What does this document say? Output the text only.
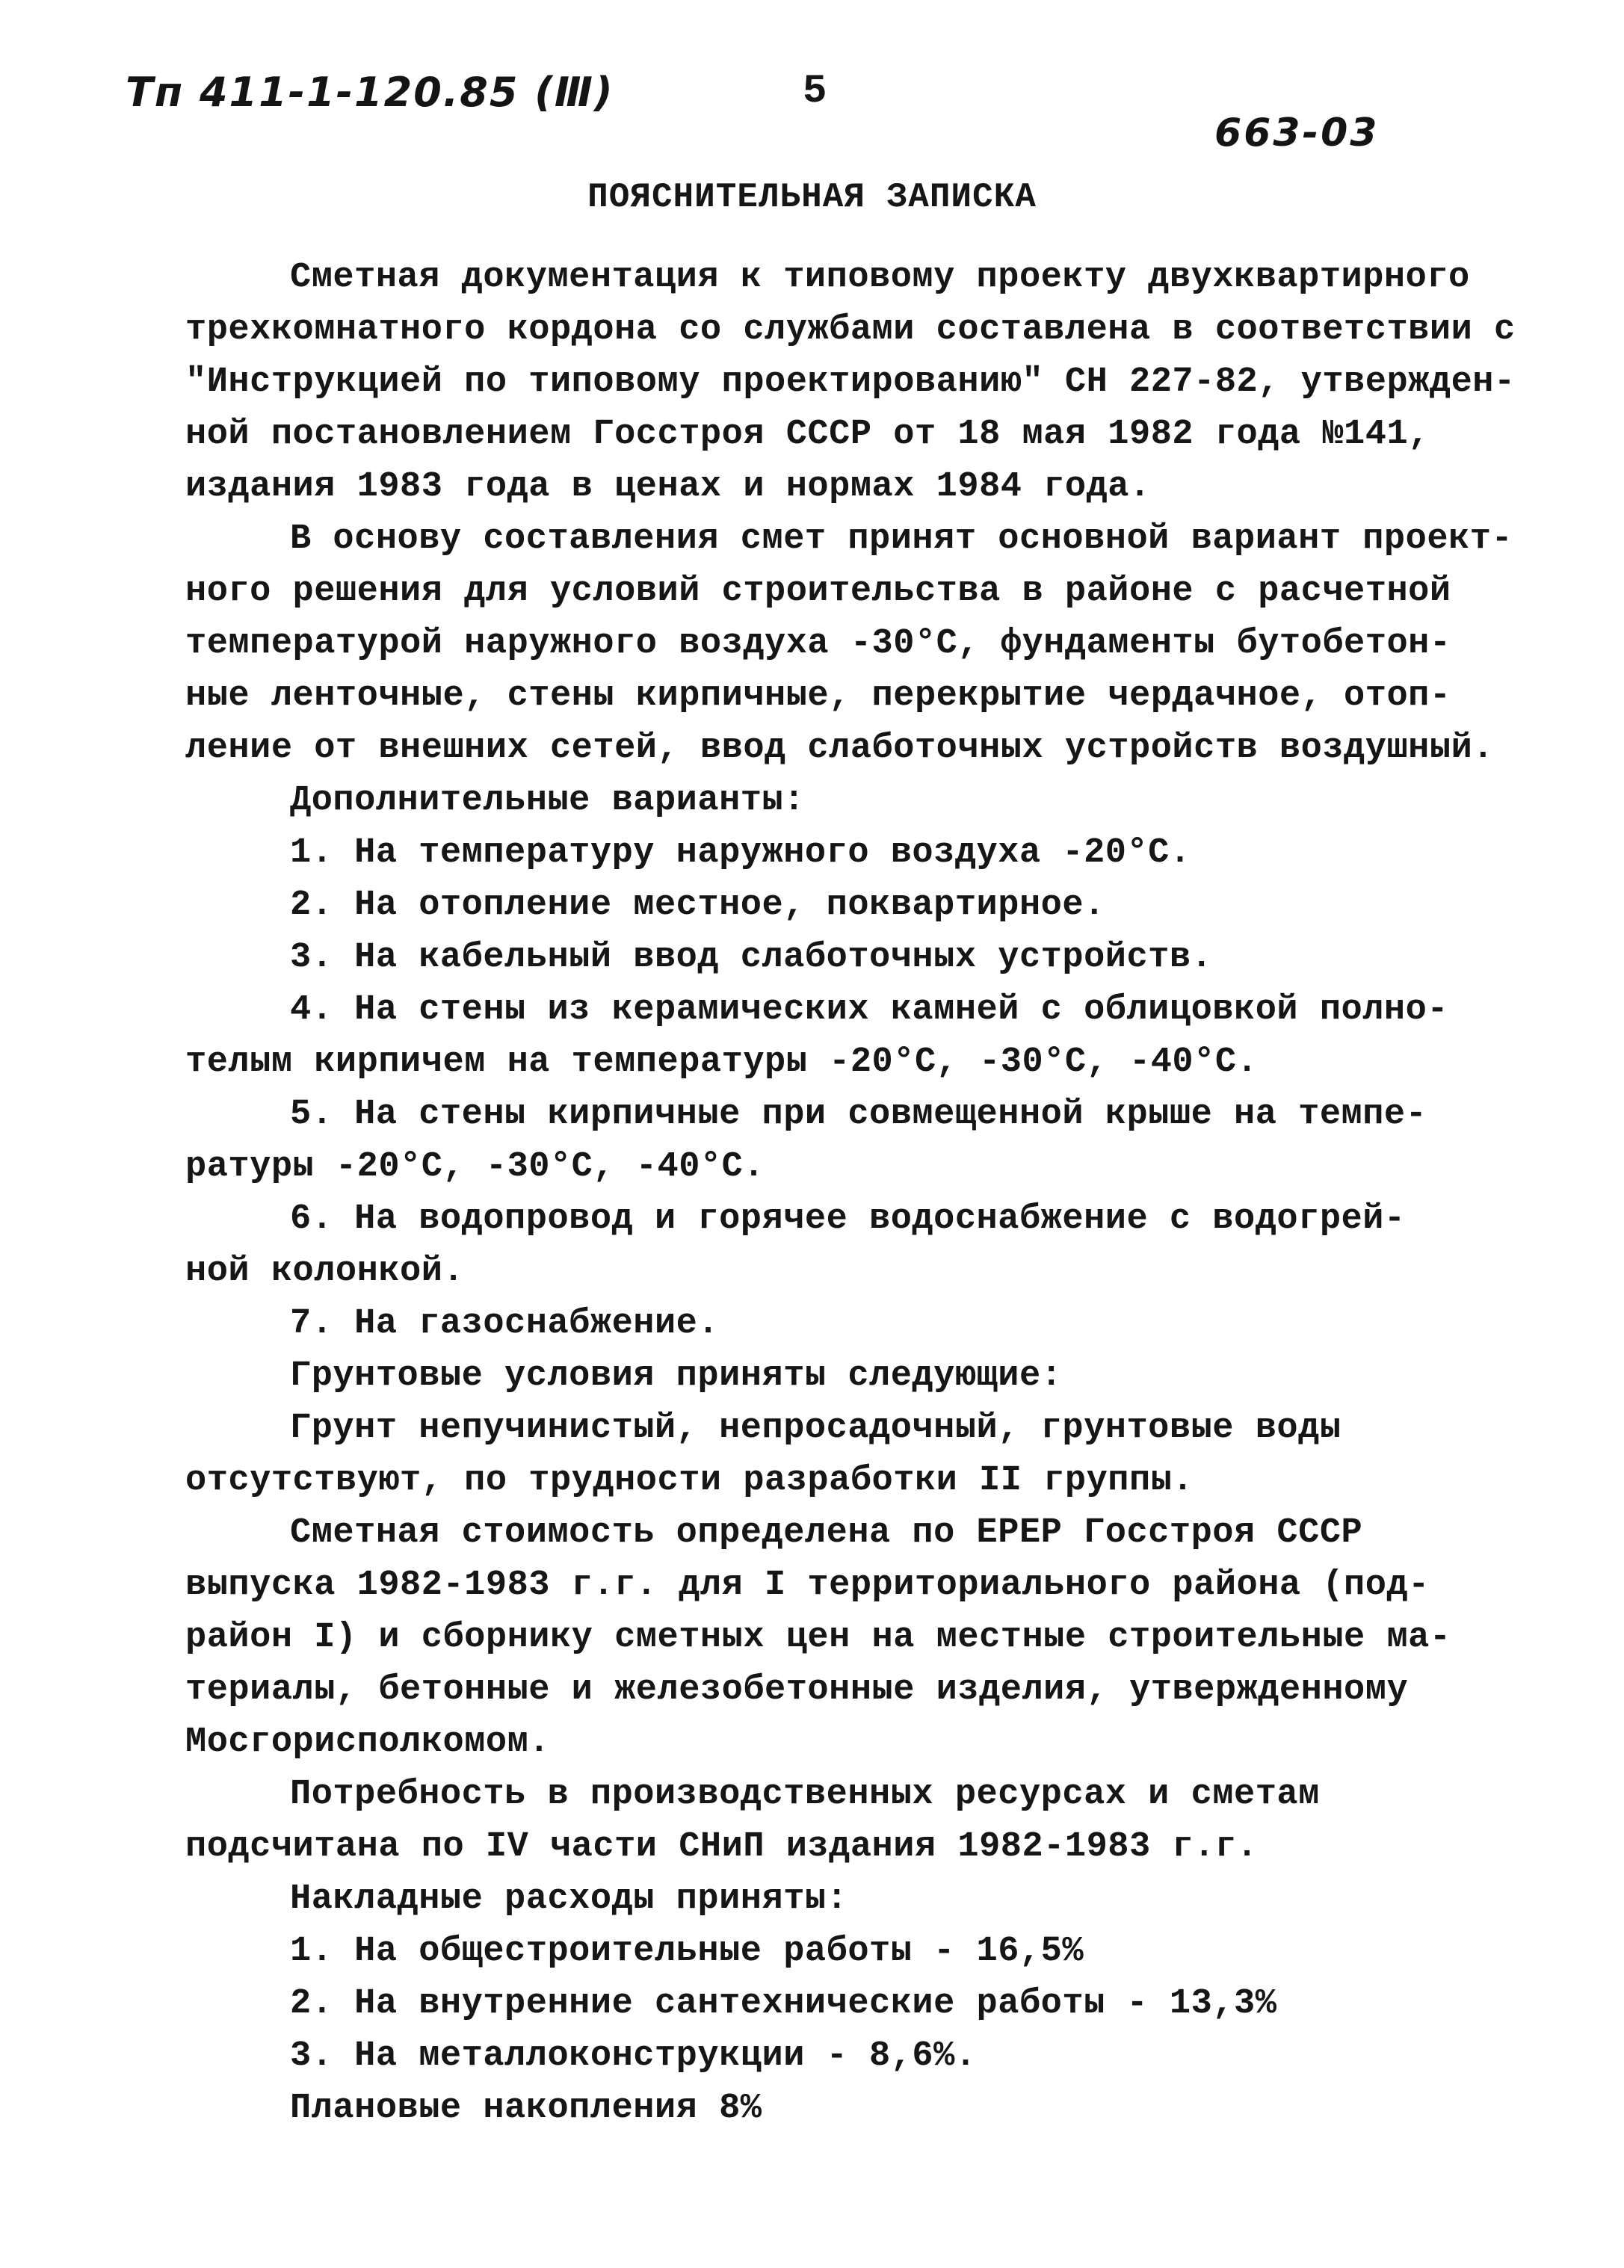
Тп 411-1-120.85 (Ⅲ)	5
663-03
ПОЯСНИТЕЛЬНАЯ ЗАПИСКА
Сметная документация к типовому проекту двухквартирного
трехкомнатного кордона со службами составлена в соответствии с
"Инструкцией по типовому проектированию" СН 227-82, утвержден-
ной постановлением Госстроя СССР от 18 мая 1982 года №141,
издания 1983 года в ценах и нормах 1984 года.
В основу составления смет принят основной вариант проект-
ного решения для условий строительства в районе с расчетной
температурой наружного воздуха -30°С, фундаменты бутобетон-
ные ленточные, стены кирпичные, перекрытие чердачное, отоп-
ление от внешних сетей, ввод слаботочных устройств воздушный.
Дополнительные варианты:
1. На температуру наружного воздуха -20°С.
2. На отопление местное, поквартирное.
3. На кабельный ввод слаботочных устройств.
4. На стены из керамических камней с облицовкой полно-
телым кирпичем на температуры -20°С, -30°С, -40°С.
5. На стены кирпичные при совмещенной крыше на темпе-
ратуры -20°С, -30°С, -40°С.
6. На водопровод и горячее водоснабжение с водогрей-
ной колонкой.
7. На газоснабжение.
Грунтовые условия приняты следующие:
Грунт непучинистый, непросадочный, грунтовые воды
отсутствуют, по трудности разработки II группы.
Сметная стоимость определена по ЕРЕР Госстроя СССР
выпуска 1982-1983 г.г. для I территориального района (под-
район I) и сборнику сметных цен на местные строительные ма-
териалы, бетонные и железобетонные изделия, утвержденному
Мосгорисполкомом.
Потребность в производственных ресурсах и сметам
подсчитана по IV части СНиП издания 1982-1983 г.г.
Накладные расходы приняты:
1. На общестроительные работы - 16,5%
2. На внутренние сантехнические работы - 13,3%
3. На металлоконструкции - 8,6%.
Плановые накопления 8%
